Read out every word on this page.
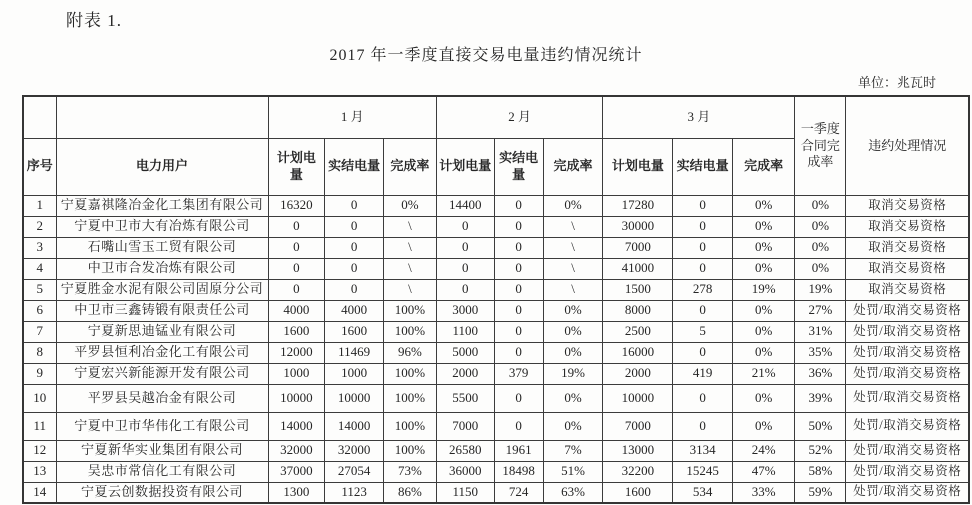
附表 1.
2017 年一季度直接交易电量违约情况统计
单位：兆瓦时
		1 月			2 月			3 月			一季度合同完成率	违约处理情况
序号	电力用户	计划电量	实结电量	完成率	计划电量	实结电量	完成率	计划电量	实结电量	完成率		
1	宁夏嘉祺隆冶金化工集团有限公司	16320	0	0%	14400	0	0%	17280	0	0%	0%	取消交易资格
2	宁夏中卫市大有冶炼有限公司	0	0	\	0	0	\	30000	0	0%	0%	取消交易资格
3	石嘴山雪玉工贸有限公司	0	0	\	0	0	\	7000	0	0%	0%	取消交易资格
4	中卫市合发冶炼有限公司	0	0	\	0	0	\	41000	0	0%	0%	取消交易资格
5	宁夏胜金水泥有限公司固原分公司	0	0	\	0	0	\	1500	278	19%	19%	取消交易资格
6	中卫市三鑫铸锻有限责任公司	4000	4000	100%	3000	0	0%	8000	0	0%	27%	处罚/取消交易资格
7	宁夏新思迪锰业有限公司	1600	1600	100%	1100	0	0%	2500	5	0%	31%	处罚/取消交易资格
8	平罗县恒利冶金化工有限公司	12000	11469	96%	5000	0	0%	16000	0	0%	35%	处罚/取消交易资格
9	宁夏宏兴新能源开发有限公司	1000	1000	100%	2000	379	19%	2000	419	21%	36%	处罚/取消交易资格
10	平罗县吴越冶金有限公司	10000	10000	100%	5500	0	0%	10000	0	0%	39%	处罚/取消交易资格
11	宁夏中卫市华伟化工有限公司	14000	14000	100%	7000	0	0%	7000	0	0%	50%	处罚/取消交易资格
12	宁夏新华实业集团有限公司	32000	32000	100%	26580	1961	7%	13000	3134	24%	52%	处罚/取消交易资格
13	吴忠市常信化工有限公司	37000	27054	73%	36000	18498	51%	32200	15245	47%	58%	处罚/取消交易资格
14	宁夏云创数据投资有限公司	1300	1123	86%	1150	724	63%	1600	534	33%	59%	处罚/取消交易资格
